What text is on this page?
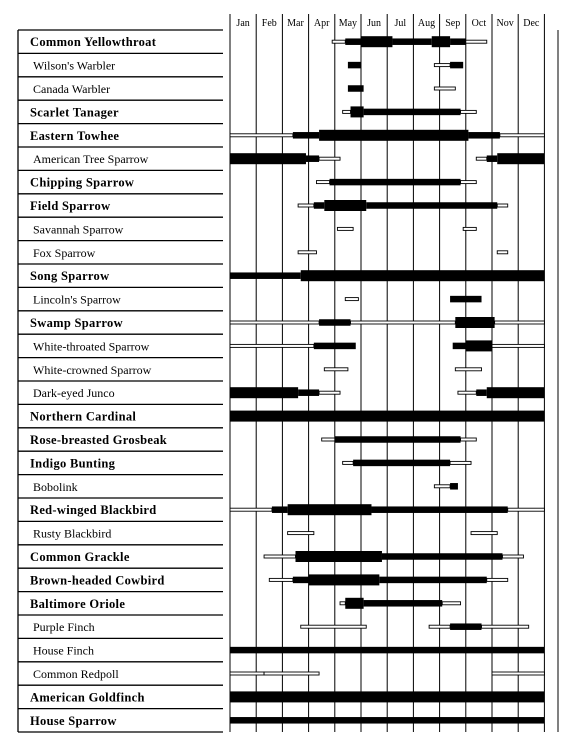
Jan Feb Mar Apr May Jun Jul Aug Sep Oct Nov Dec
Common Yellowthroat
Wilson's Warbler
Canada Warbler
Scarlet Tanager
Eastern Towhee
American Tree Sparrow
Chipping Sparrow
Field Sparrow
Savannah Sparrow
Fox Sparrow
Song Sparrow
Lincoln's Sparrow
Swamp Sparrow
White-throated Sparrow
White-crowned Sparrow
Dark-eyed Junco
Northern Cardinal
Rose-breasted Grosbeak
Indigo Bunting
Bobolink
Red-winged Blackbird
Rusty Blackbird
Common Grackle
Brown-headed Cowbird
Baltimore Oriole
Purple Finch
House Finch
Common Redpoll
American Goldfinch
House Sparrow
